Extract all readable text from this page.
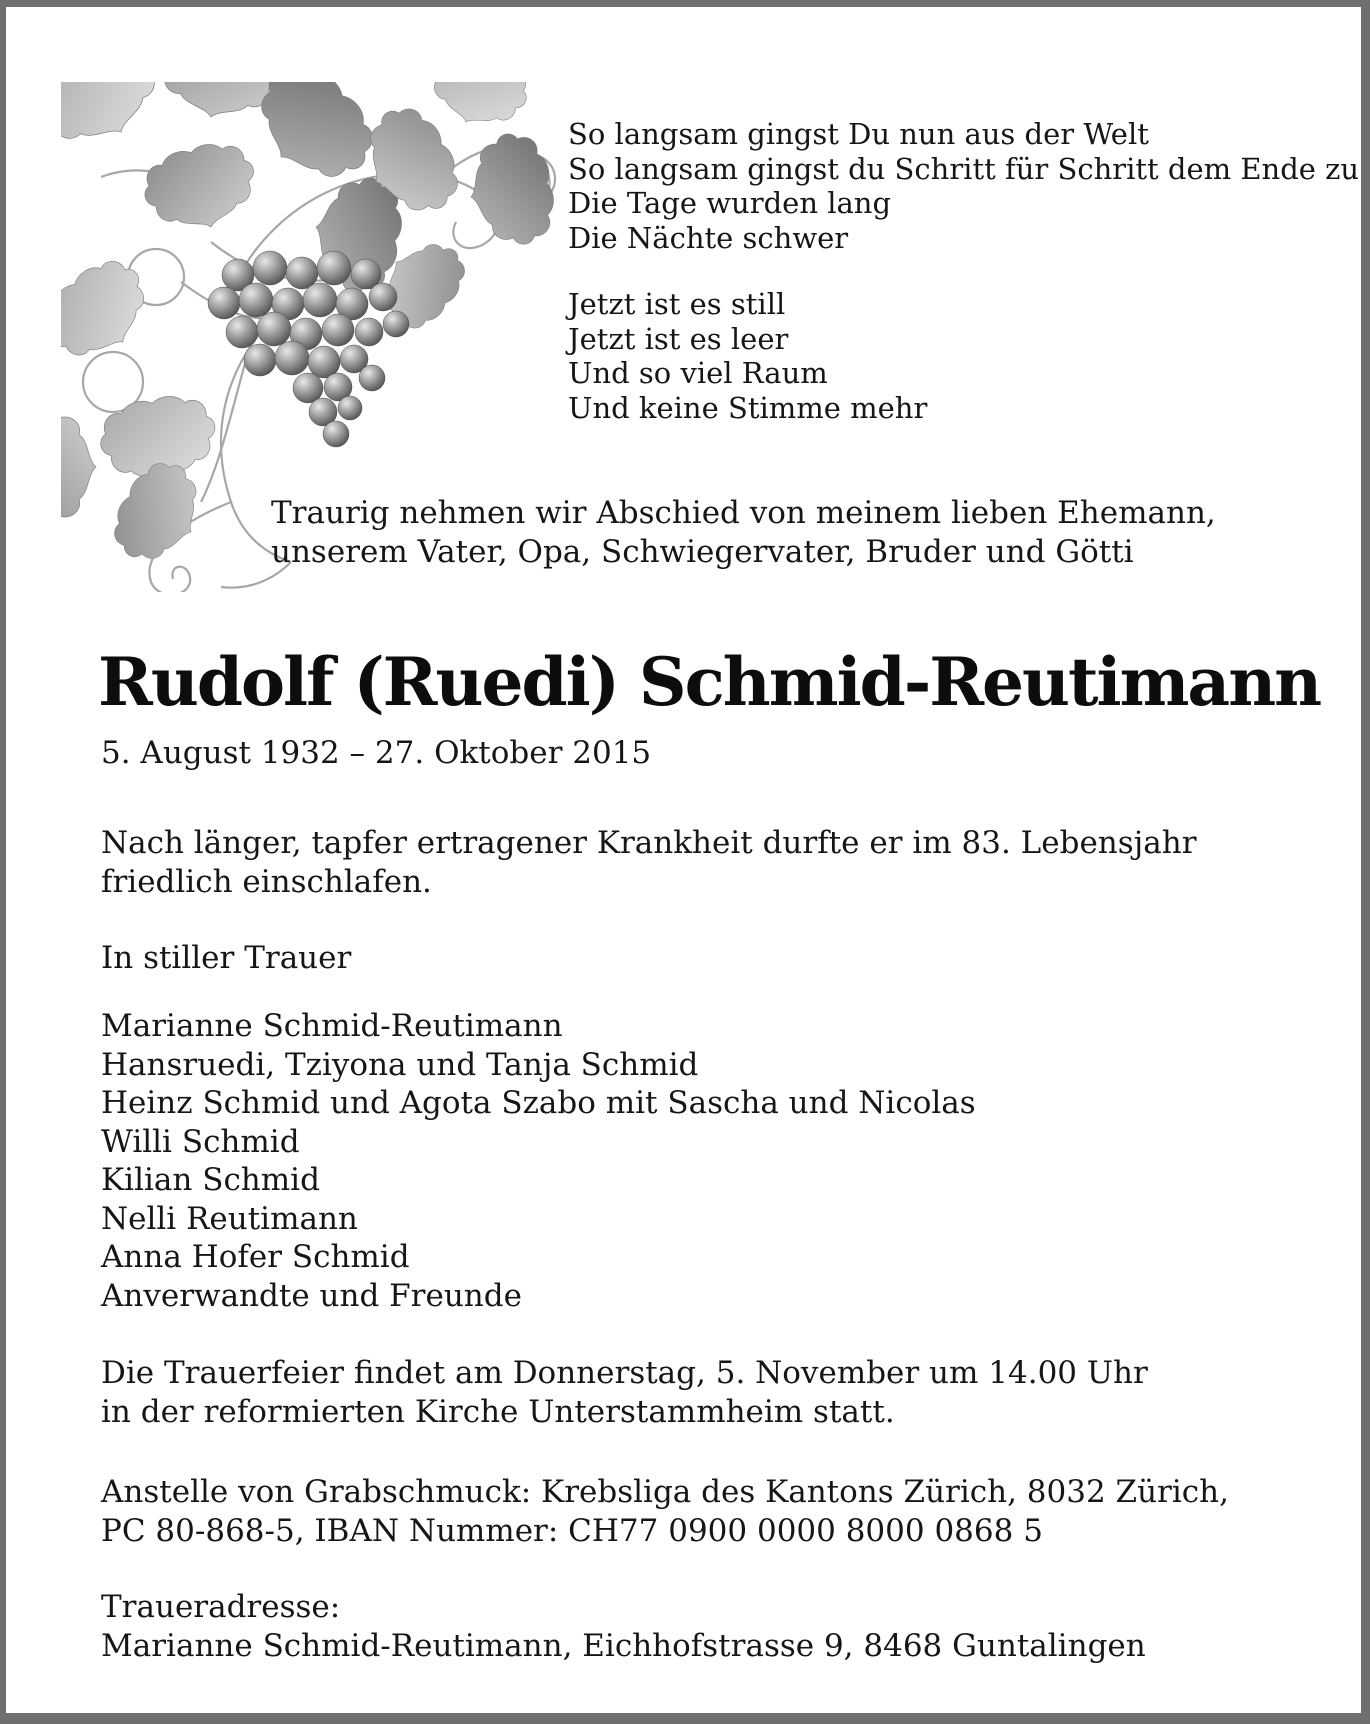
So langsam gingst Du nun aus der Welt
So langsam gingst du Schritt für Schritt dem Ende zu
Die Tage wurden lang
Die Nächte schwer
Jetzt ist es still
Jetzt ist es leer
Und so viel Raum
Und keine Stimme mehr
Traurig nehmen wir Abschied von meinem lieben Ehemann,
unserem Vater, Opa, Schwiegervater, Bruder und Götti
Rudolf (Ruedi) Schmid-Reutimann
5. August 1932 – 27. Oktober 2015
Nach länger, tapfer ertragener Krankheit durfte er im 83. Lebensjahr
friedlich einschlafen.
In stiller Trauer
Marianne Schmid-Reutimann
Hansruedi, Tziyona und Tanja Schmid
Heinz Schmid und Agota Szabo mit Sascha und Nicolas
Willi Schmid
Kilian Schmid
Nelli Reutimann
Anna Hofer Schmid
Anverwandte und Freunde
Die Trauerfeier findet am Donnerstag, 5. November um 14.00 Uhr
in der reformierten Kirche Unterstammheim statt.
Anstelle von Grabschmuck: Krebsliga des Kantons Zürich, 8032 Zürich,
PC 80-868-5, IBAN Nummer: CH77 0900 0000 8000 0868 5
Traueradresse:
Marianne Schmid-Reutimann, Eichhofstrasse 9, 8468 Guntalingen
